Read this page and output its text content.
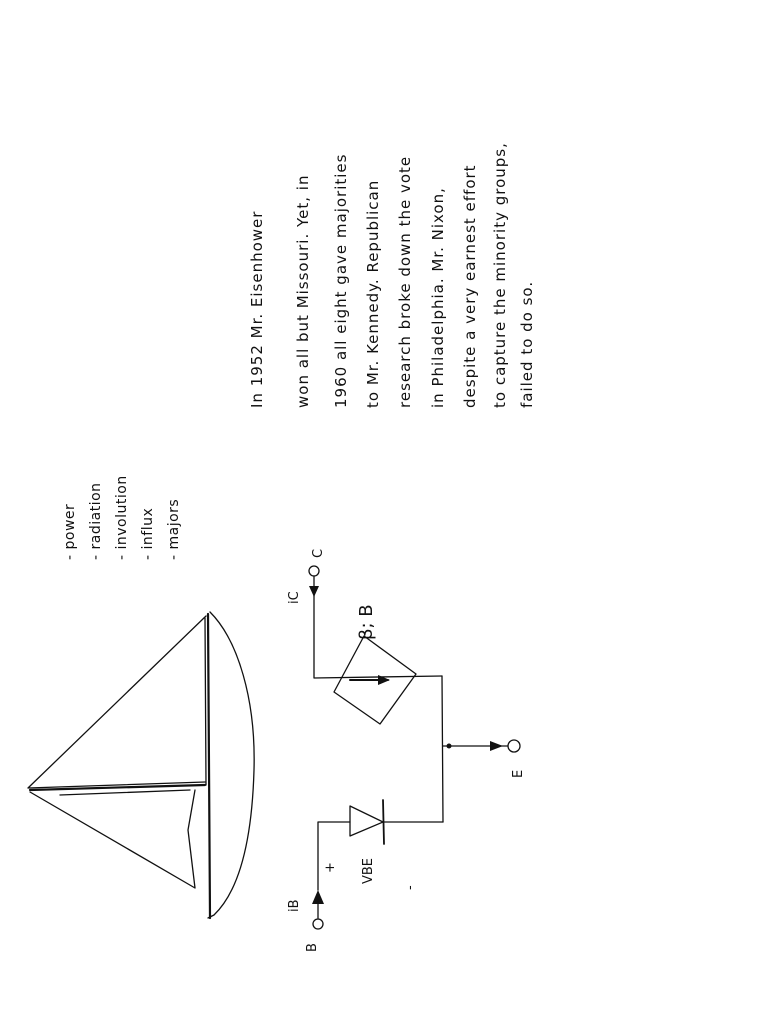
In 1952 Mr. Eisenhower won all but Missouri. Yet, in 1960 all eight gave majorities to Mr. Kennedy. Republican research broke down the vote in Philadelphia. Mr. Nixon, despite a very earnest effort to capture the minority groups, failed to do so.
- power - radiation - involution - influx - majors	C
iC
β; B
E
+ VBE
-
iB
B
